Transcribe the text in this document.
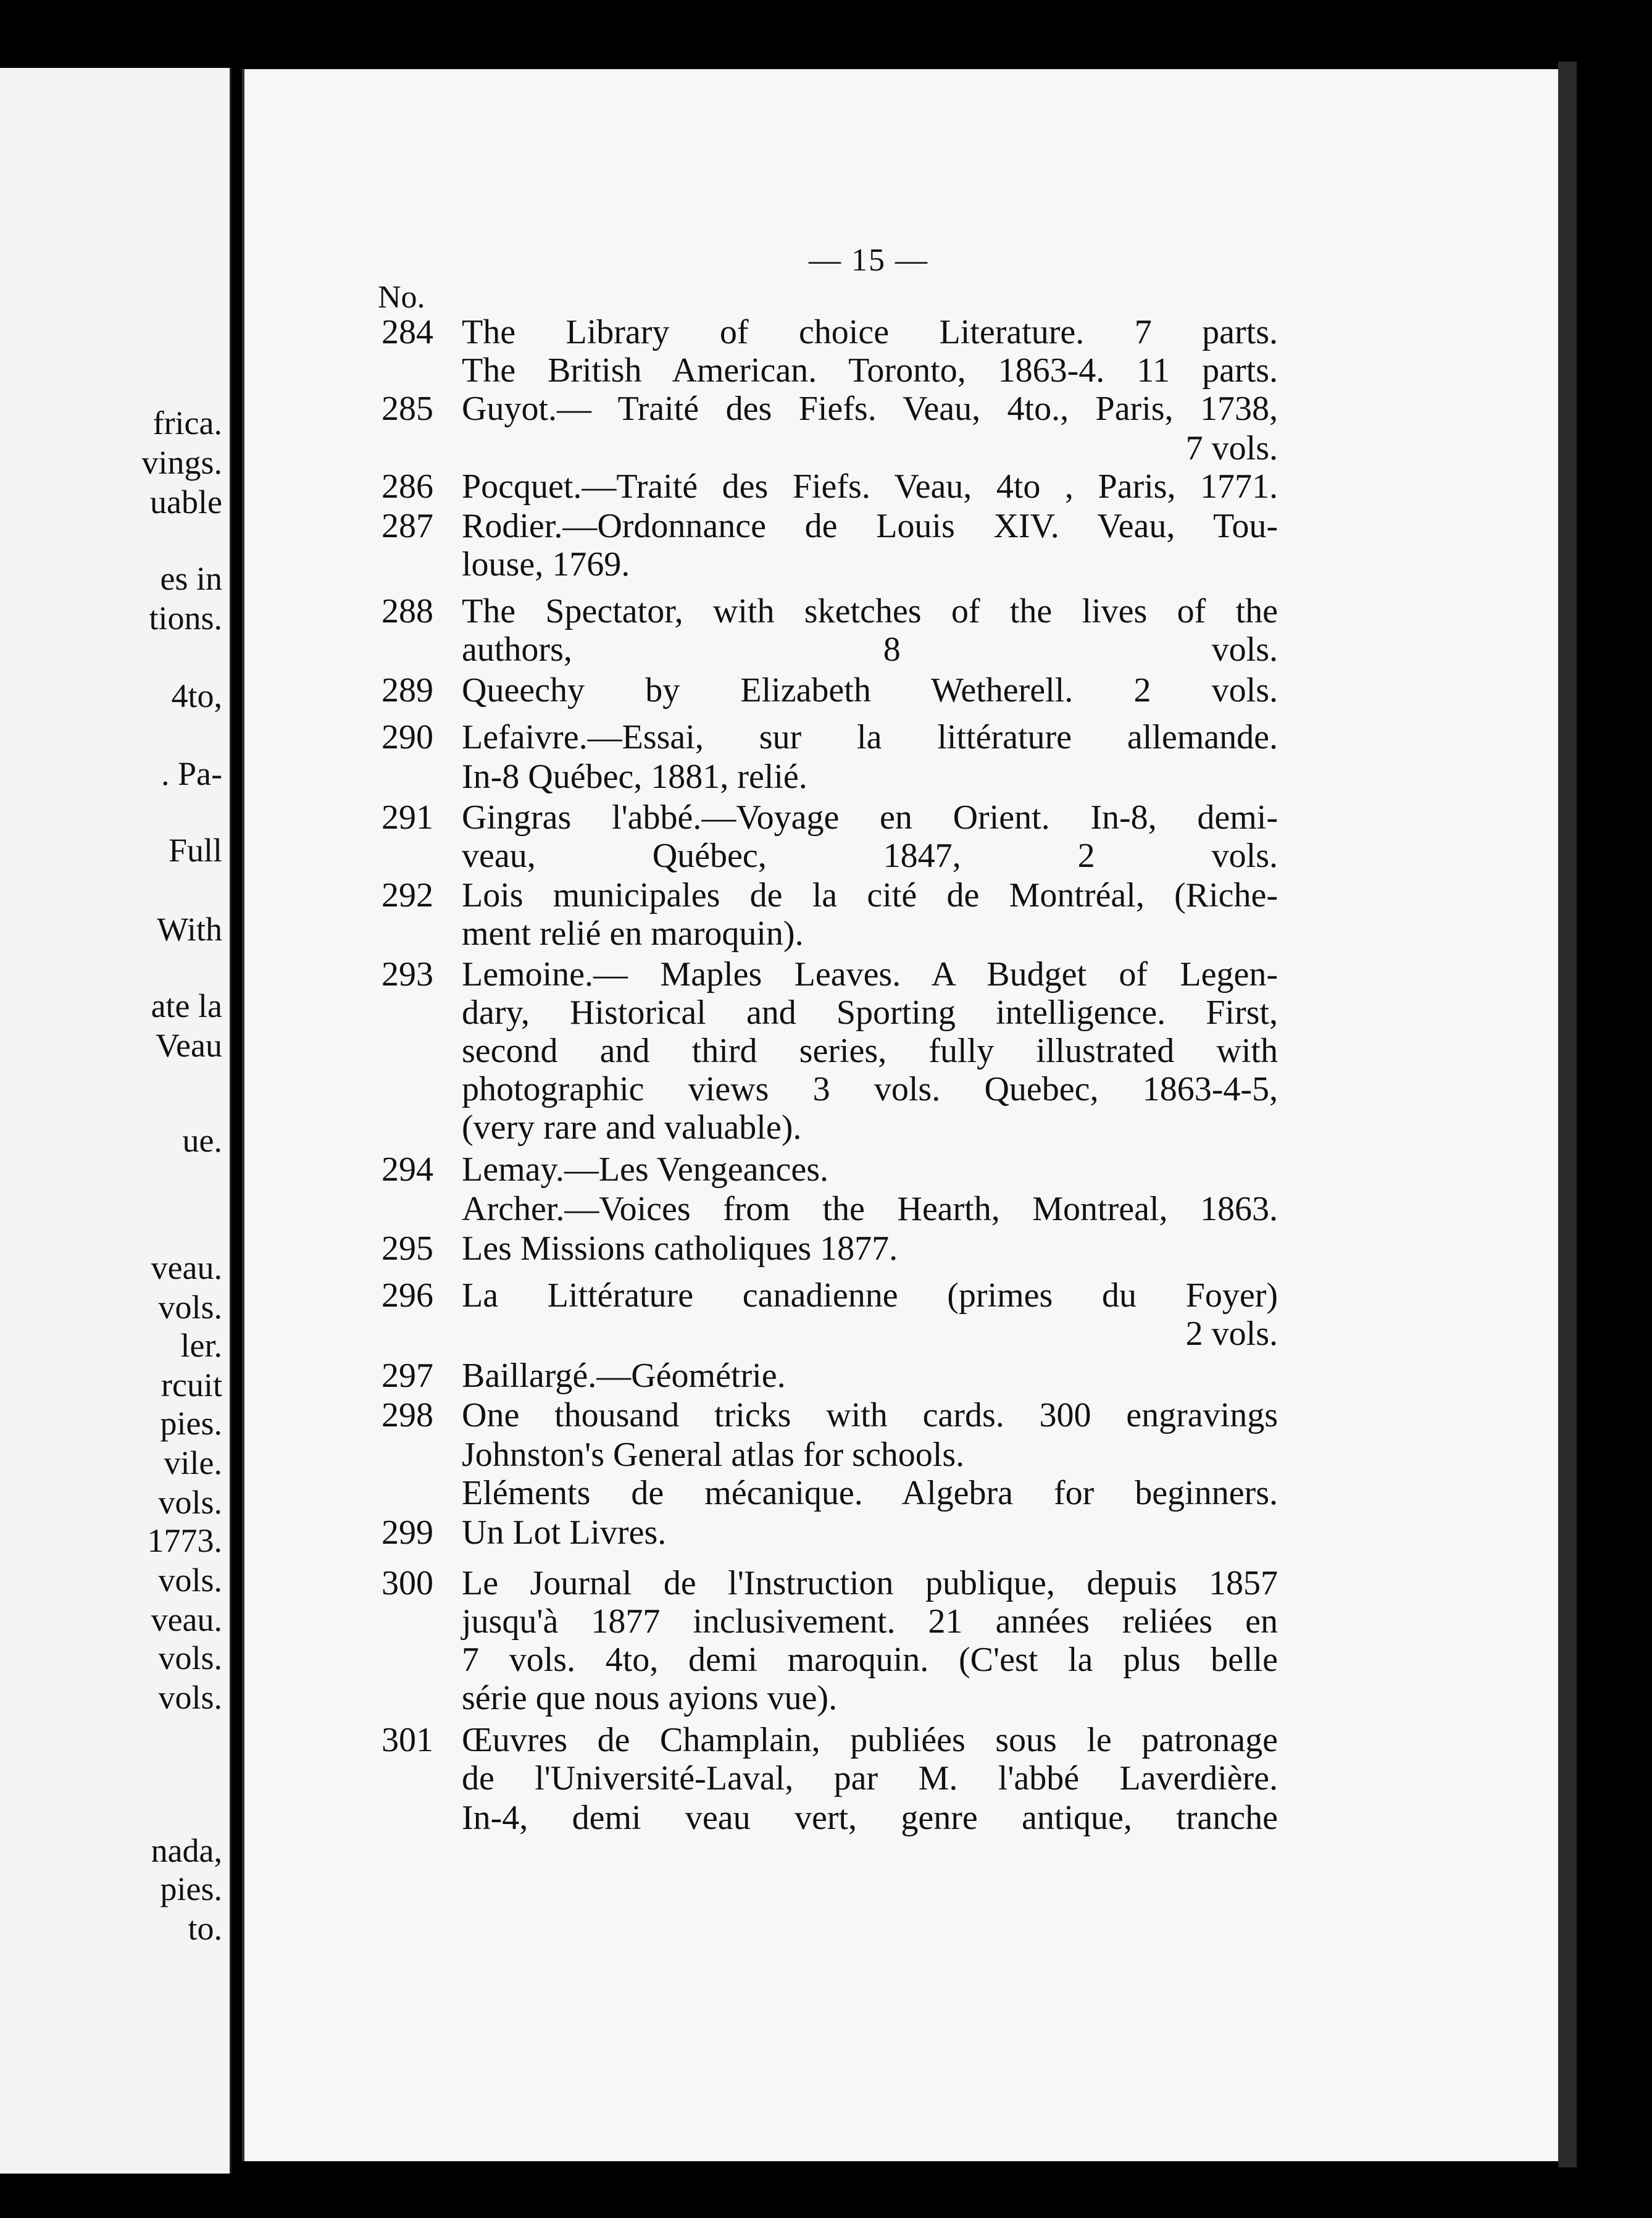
frica.
vings.
uable
es in
tions.
4to,
. Pa-
Full
With
ate la
Veau
ue.
veau.
vols.
ler.
rcuit
pies.
vile.
vols.
1773.
vols.
veau.
vols.
vols.
nada,
pies.
to.
— 15 —
No.
284 The Library of choice Literature. 7 parts.
The British American. Toronto, 1863-4. 11 parts.
285 Guyot.— Traité des Fiefs. Veau, 4to., Paris, 1738,
7 vols.
286 Pocquet.—Traité des Fiefs. Veau, 4to , Paris, 1771.
287 Rodier.—Ordonnance de Louis XIV. Veau, Tou-
louse, 1769.
288 The Spectator, with sketches of the lives of the
authors, 8 vols.
289 Queechy by Elizabeth Wetherell. 2 vols.
290 Lefaivre.—Essai, sur la littérature allemande.
In-8 Québec, 1881, relié.
291 Gingras l'abbé.—Voyage en Orient. In-8, demi-
veau, Québec, 1847, 2 vols.
292 Lois municipales de la cité de Montréal, (Riche-
ment relié en maroquin).
293 Lemoine.— Maples Leaves. A Budget of Legen-
dary, Historical and Sporting intelligence. First,
second and third series, fully illustrated with
photographic views 3 vols. Quebec, 1863-4-5,
(very rare and valuable).
294 Lemay.—Les Vengeances.
Archer.—Voices from the Hearth, Montreal, 1863.
295 Les Missions catholiques 1877.
296 La Littérature canadienne (primes du Foyer)
2 vols.
297 Baillargé.—Géométrie.
298 One thousand tricks with cards. 300 engravings
Johnston's General atlas for schools.
Eléments de mécanique. Algebra for beginners.
299 Un Lot Livres.
300 Le Journal de l'Instruction publique, depuis 1857
jusqu'à 1877 inclusivement. 21 années reliées en
7 vols. 4to, demi maroquin. (C'est la plus belle
série que nous ayions vue).
301 Œuvres de Champlain, publiées sous le patronage
de l'Université-Laval, par M. l'abbé Laverdière.
In-4, demi veau vert, genre antique, tranche
